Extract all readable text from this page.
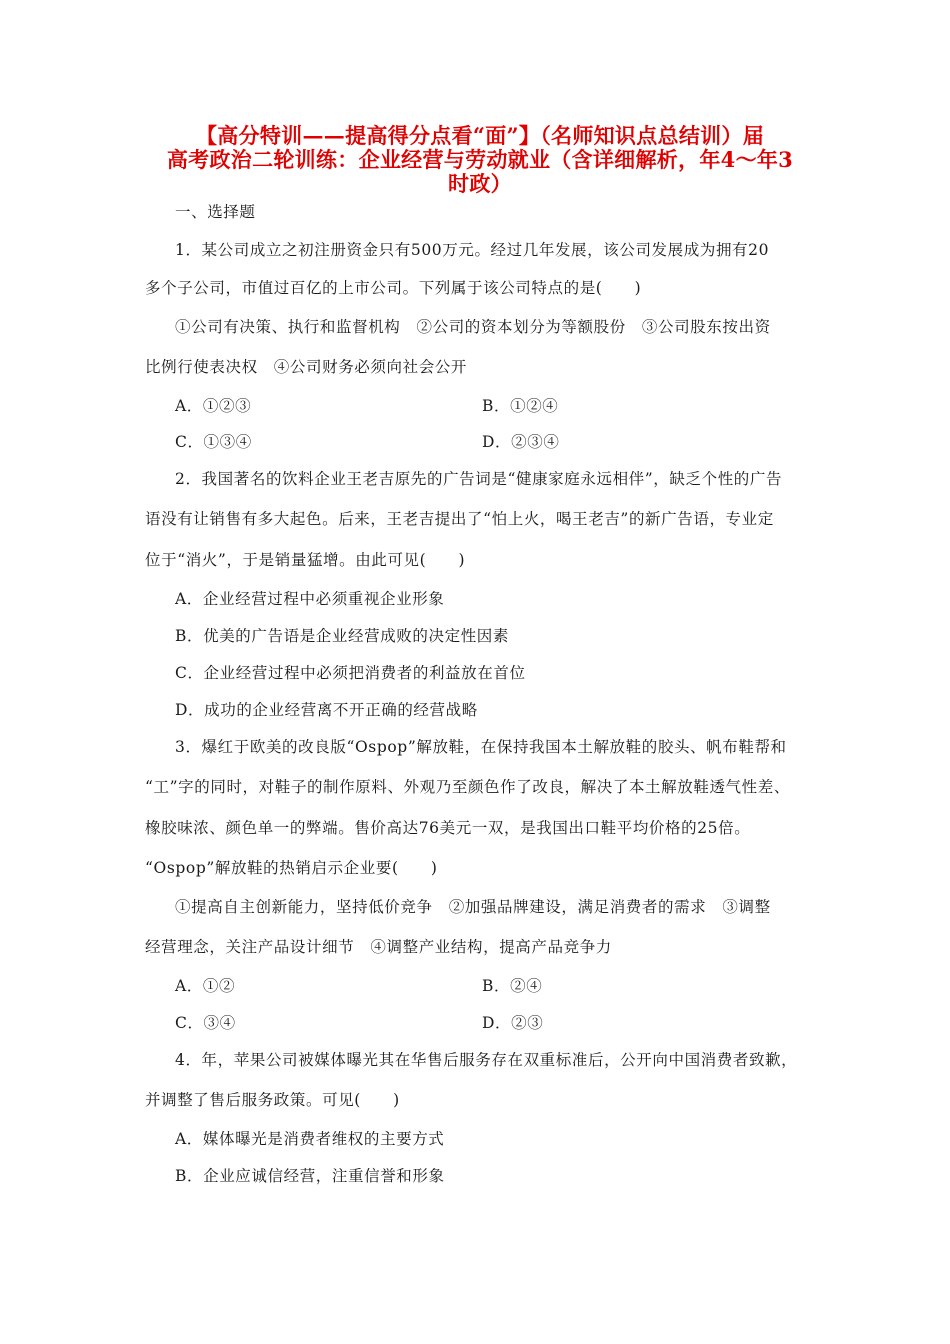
【高分特训——提高得分点看“面”】（名师知识点总结训）届
高考政治二轮训练：企业经营与劳动就业（含详细解析，年4～年3
时政）
一、选择题
1．某公司成立之初注册资金只有500万元。经过几年发展，该公司发展成为拥有20
多个子公司，市值过百亿的上市公司。下列属于该公司特点的是(　　)
①公司有决策、执行和监督机构　②公司的资本划分为等额股份　③公司股东按出资
比例行使表决权　④公司财务必须向社会公开
A．①②③	B．①②④
C．①③④	D．②③④
2．我国著名的饮料企业王老吉原先的广告词是“健康家庭永远相伴”，缺乏个性的广告
语没有让销售有多大起色。后来，王老吉提出了“怕上火，喝王老吉”的新广告语，专业定
位于“消火”，于是销量猛增。由此可见(　　)
A．企业经营过程中必须重视企业形象
B．优美的广告语是企业经营成败的决定性因素
C．企业经营过程中必须把消费者的利益放在首位
D．成功的企业经营离不开正确的经营战略
3．爆红于欧美的改良版“Ospop”解放鞋，在保持我国本土解放鞋的胶头、帆布鞋帮和
“工”字的同时，对鞋子的制作原料、外观乃至颜色作了改良，解决了本土解放鞋透气性差、
橡胶味浓、颜色单一的弊端。售价高达76美元一双，是我国出口鞋平均价格的25倍。
“Ospop”解放鞋的热销启示企业要(　　)
①提高自主创新能力，坚持低价竞争　②加强品牌建设，满足消费者的需求　③调整
经营理念，关注产品设计细节　④调整产业结构，提高产品竞争力
A．①②	B．②④
C．③④	D．②③
4．年，苹果公司被媒体曝光其在华售后服务存在双重标准后，公开向中国消费者致歉，
并调整了售后服务政策。可见(　　)
A．媒体曝光是消费者维权的主要方式
B．企业应诚信经营，注重信誉和形象
